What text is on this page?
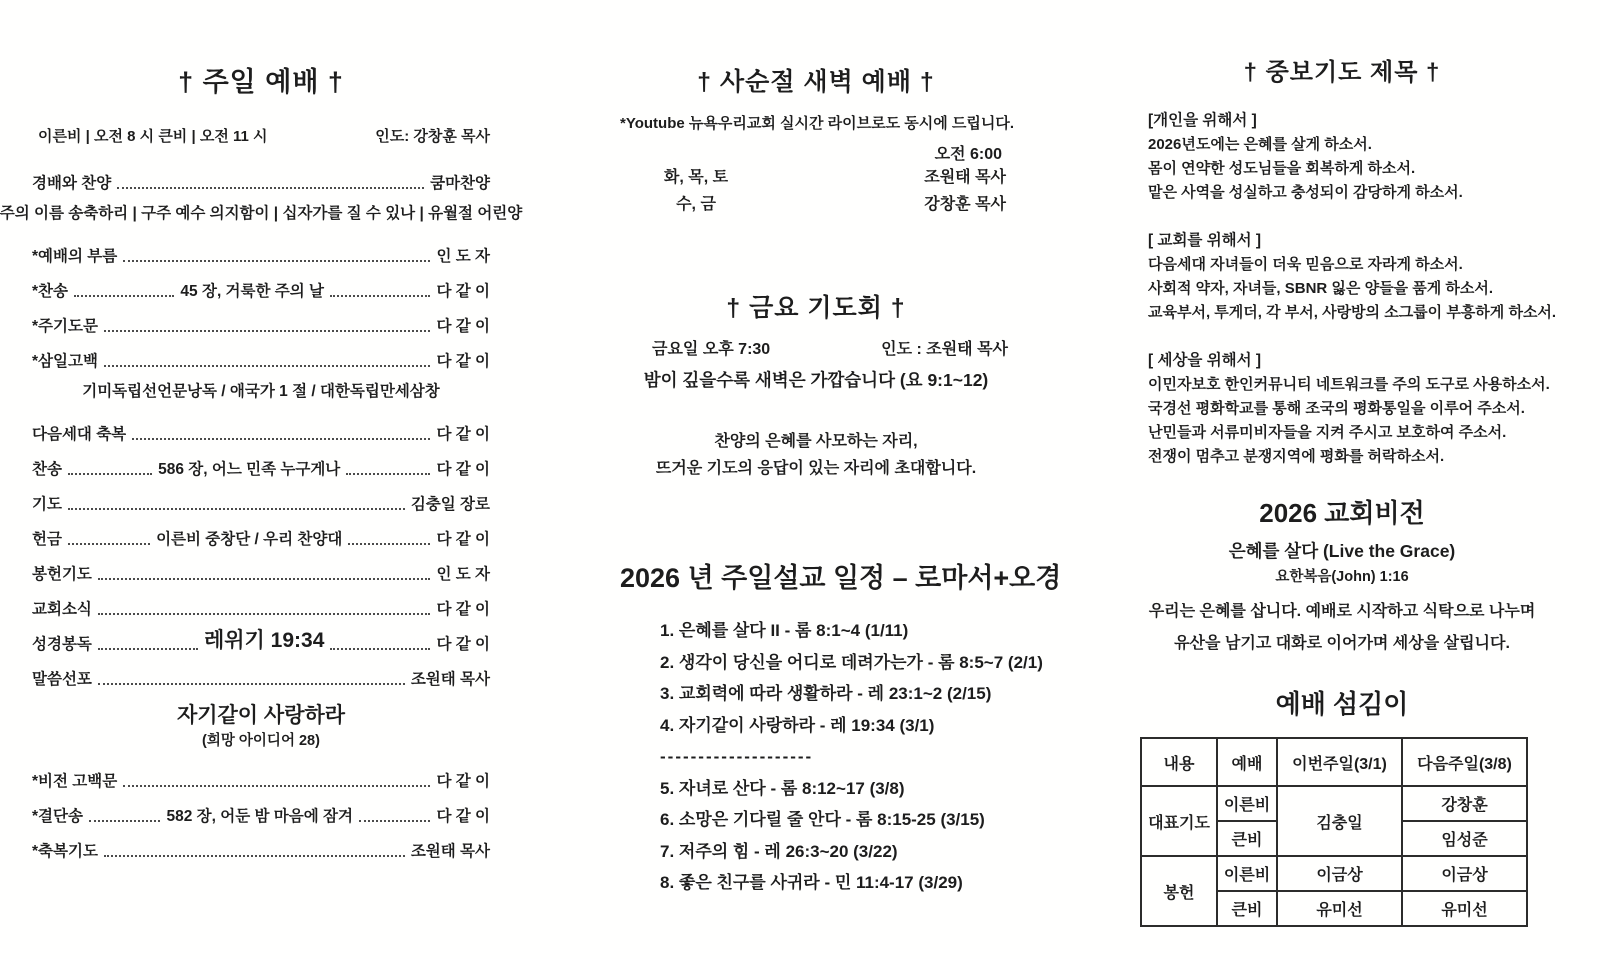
† 주일 예배 †
이른비 | 오전 8 시 큰비 | 오전 11 시	인도: 강창훈 목사
경배와 찬양	쿰마찬양
주의 이름 송축하리 | 구주 예수 의지함이 | 십자가를 질 수 있나 | 유월절 어린양
*예배의 부름	인 도 자
*찬송	45 장, 거룩한 주의 날	다 같 이
*주기도문	다 같 이
*삼일고백	다 같 이
기미독립선언문낭독 / 애국가 1 절 / 대한독립만세삼창
다음세대 축복	다 같 이
찬송	586 장, 어느 민족 누구게나	다 같 이
기도	김충일 장로
헌금	이른비 중창단 / 우리 찬양대	다 같 이
봉헌기도	인 도 자
교회소식	다 같 이
성경봉독	레위기 19:34	다 같 이
말씀선포	조원태 목사
자기같이 사랑하라
(희망 아이디어 28)
*비전 고백문	다 같 이
*결단송	582 장, 어둔 밤 마음에 잠겨	다 같 이
*축복기도	조원태 목사
† 사순절 새벽 예배 †
*Youtube 뉴욕우리교회 실시간 라이브로도 동시에 드립니다.
오전 6:00
화, 목, 토	조원태 목사
수, 금	강창훈 목사
† 금요 기도회 †
금요일 오후 7:30	인도 : 조원태 목사
밤이 깊을수록 새벽은 가깝습니다 (요 9:1~12)
찬양의 은혜를 사모하는 자리,
뜨거운 기도의 응답이 있는 자리에 초대합니다.
2026 년 주일설교 일정 – 로마서+오경
1. 은혜를 살다 II - 롬 8:1~4 (1/11)
2. 생각이 당신을 어디로 데려가는가 - 롬 8:5~7 (2/1)
3. 교회력에 따라 생활하라 - 레 23:1~2 (2/15)
4. 자기같이 사랑하라 - 레 19:34 (3/1)
--------------------
5. 자녀로 산다 - 롬 8:12~17 (3/8)
6. 소망은 기다릴 줄 안다 - 롬 8:15-25 (3/15)
7. 저주의 힘 - 레 26:3~20 (3/22)
8. 좋은 친구를 사귀라 - 민 11:4-17 (3/29)
† 중보기도 제목 †
[개인을 위해서 ]
2026년도에는 은혜를 살게 하소서.
몸이 연약한 성도님들을 회복하게 하소서.
맡은 사역을 성실하고 충성되이 감당하게 하소서.
[ 교회를 위해서 ]
다음세대 자녀들이 더욱 믿음으로 자라게 하소서.
사회적 약자, 자녀들, SBNR 잃은 양들을 품게 하소서.
교육부서, 투게더, 각 부서, 사랑방의 소그룹이 부흥하게 하소서.
[ 세상을 위해서 ]
이민자보호 한인커뮤니티 네트워크를 주의 도구로 사용하소서.
국경선 평화학교를 통해 조국의 평화통일을 이루어 주소서.
난민들과 서류미비자들을 지켜 주시고 보호하여 주소서.
전쟁이 멈추고 분쟁지역에 평화를 허락하소서.
2026 교회비전
은혜를 살다 (Live the Grace)
요한복음(John) 1:16
우리는 은혜를 삽니다. 예배로 시작하고 식탁으로 나누며
유산을 남기고 대화로 이어가며 세상을 살립니다.
예배 섬김이
내용	예배	이번주일(3/1)	다음주일(3/8)
대표기도	이른비	김충일	강창훈
	큰비		임성준
봉헌	이른비	이금상	이금상
	큰비	유미선	유미선
